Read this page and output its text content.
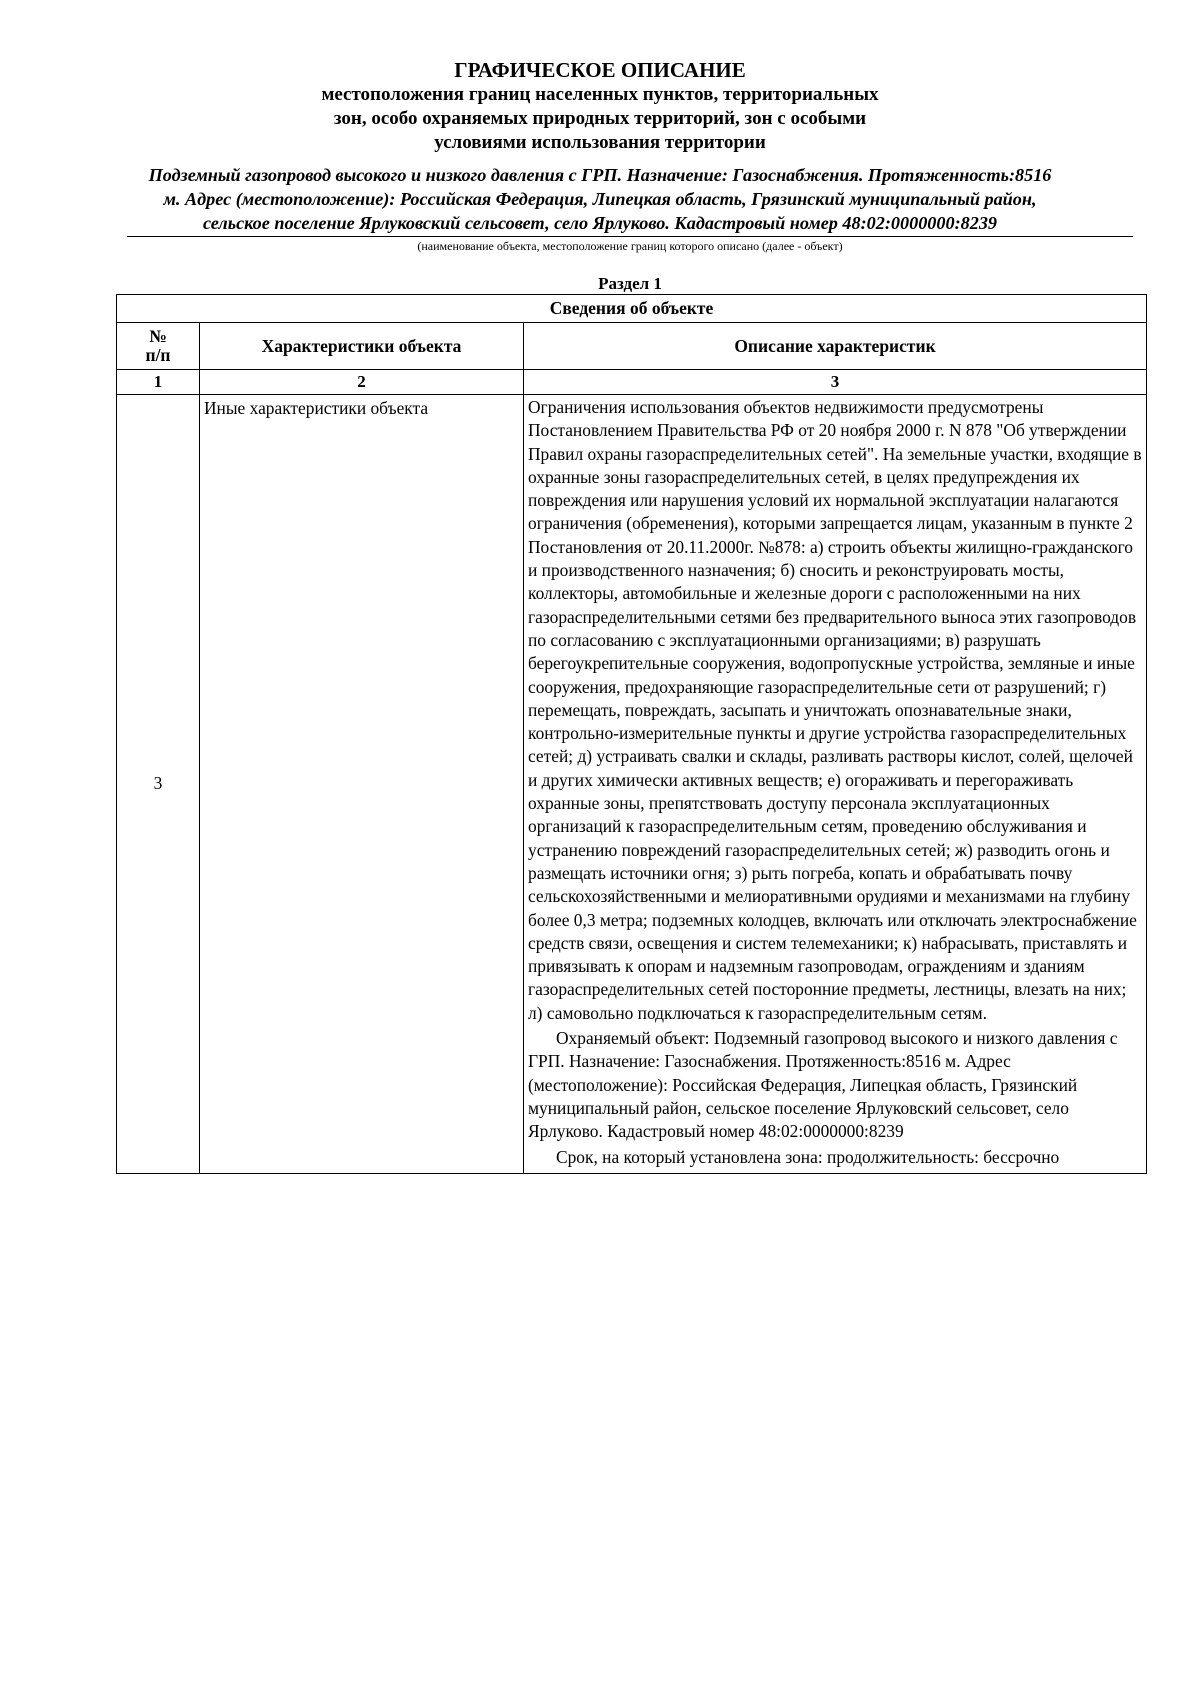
ГРАФИЧЕСКОЕ ОПИСАНИЕ
местоположения границ населенных пунктов, территориальных
зон, особо охраняемых природных территорий, зон с особыми
условиями использования территории
Подземный газопровод высокого и низкого давления с ГРП. Назначение: Газоснабжения. Протяженность:8516
м. Адрес (местоположение): Российская Федерация, Липецкая область, Грязинский муниципальный район,
сельское поселение Ярлуковский сельсовет, село Ярлуково. Кадастровый номер 48:02:0000000:8239
(наименование объекта, местоположение границ которого описано (далее - объект)
Раздел 1
Сведения об объекте		
№
п/п	Характеристики объекта	Описание характеристик
1	2	3
3	Иные характеристики объекта	Ограничения использования объектов недвижимости предусмотрены Постановлением Правительства РФ от 20 ноября 2000 г. N 878 "Об утверждении Правил охраны газораспределительных сетей". На земельные участки, входящие в охранные зоны газораспределительных сетей, в целях предупреждения их повреждения или нарушения условий их нормальной эксплуатации налагаются ограничения (обременения), которыми запрещается лицам, указанным в пункте 2 Постановления от 20.11.2000г. №878: а) строить объекты жилищно-гражданского и производственного назначения; б) сносить и реконструировать мосты, коллекторы, автомобильные и железные дороги с расположенными на них газораспределительными сетями без предварительного выноса этих газопроводов по согласованию с эксплуатационными организациями; в) разрушать берегоукрепительные сооружения, водопропускные устройства, земляные и иные сооружения, предохраняющие газораспределительные сети от разрушений; г) перемещать, повреждать, засыпать и уничтожать опознавательные знаки, контрольно-измерительные пункты и другие устройства газораспределительных сетей; д) устраивать свалки и склады, разливать растворы кислот, солей, щелочей и других химически активных веществ; е) огораживать и перегораживать охранные зоны, препятствовать доступу персонала эксплуатационных организаций к газораспределительным сетям, проведению обслуживания и устранению повреждений газораспределительных сетей; ж) разводить огонь и размещать источники огня; з) рыть погреба, копать и обрабатывать почву сельскохозяйственными и мелиоративными орудиями и механизмами на глубину более 0,3 метра; подземных колодцев, включать или отключать электроснабжение средств связи, освещения и систем телемеханики; к) набрасывать, приставлять и привязывать к опорам и надземным газопроводам, ограждениям и зданиям газораспределительных сетей посторонние предметы, лестницы, влезать на них; л) самовольно подключаться к газораспределительным сетям.

Охраняемый объект: Подземный газопровод высокого и низкого давления с ГРП. Назначение: Газоснабжения. Протяженность:8516 м. Адрес (местоположение): Российская Федерация, Липецкая область, Грязинский муниципальный район, сельское поселение Ярлуковский сельсовет, село Ярлуково. Кадастровый номер 48:02:0000000:8239

Срок, на который установлена зона: продолжительность: бессрочно
